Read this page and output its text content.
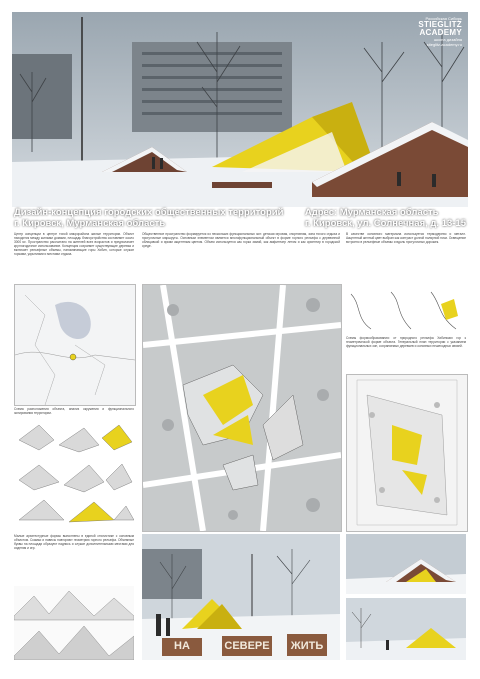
Российская Сибирь
STIEGLITZ
ACADEMY
школа дизайна
stieglitz-academy.ru
Дизайн-концепция городских общественных территорий
г. Кировск, Мурманская область
Адрес: Мурманская область
г. Кировск, ул. Солнечная, д. 13-15
Центр концепции в центре тихой микрорайона жилые территории. Объект находится между жилыми домами, площадь благоустройства составляет около 3000 м². Пространство рассчитано на жителей всех возрастов и предполагает круглогодичное использование. Концепция сохраняет существующие деревья и включает рельефные объемы, напоминающие горы Хибин, которые служат горками, укрытиями и местами отдыха.
Общественное пространство формируется из нескольких функциональных зон: детская игровая, спортивная, зона тихого отдыха и прогулочные маршруты. Основным элементом является многофункциональный объект в форме горного рельефа с деревянной облицовкой и ярким акцентным цветом. Объем используется как горка зимой, как амфитеатр летом и как ориентир в городской среде.
В качестве основного материала используется термодерево и металл. Акцентный желтый цвет выбран как контраст долгой полярной ночи. Освещение встроено в рельефные объемы и вдоль прогулочных дорожек.
Схема расположения объекта, анализ окружения и функционального зонирования территории.
Схемы формообразования: от природного рельефа Хибинских гор к геометрической форме объекта. Генеральный план территории с указанием функциональных зон, сохраняемых деревьев и основных пешеходных связей.
Малые архитектурные формы выполнены в единой стилистике с основным объектом. Скамьи и навесы повторяют геометрию горного рельефа. Объемные буквы на площади образуют надпись и служат дополнительными местами для сидения и игр.
НА	СЕВЕРЕ ЖИТЬ
